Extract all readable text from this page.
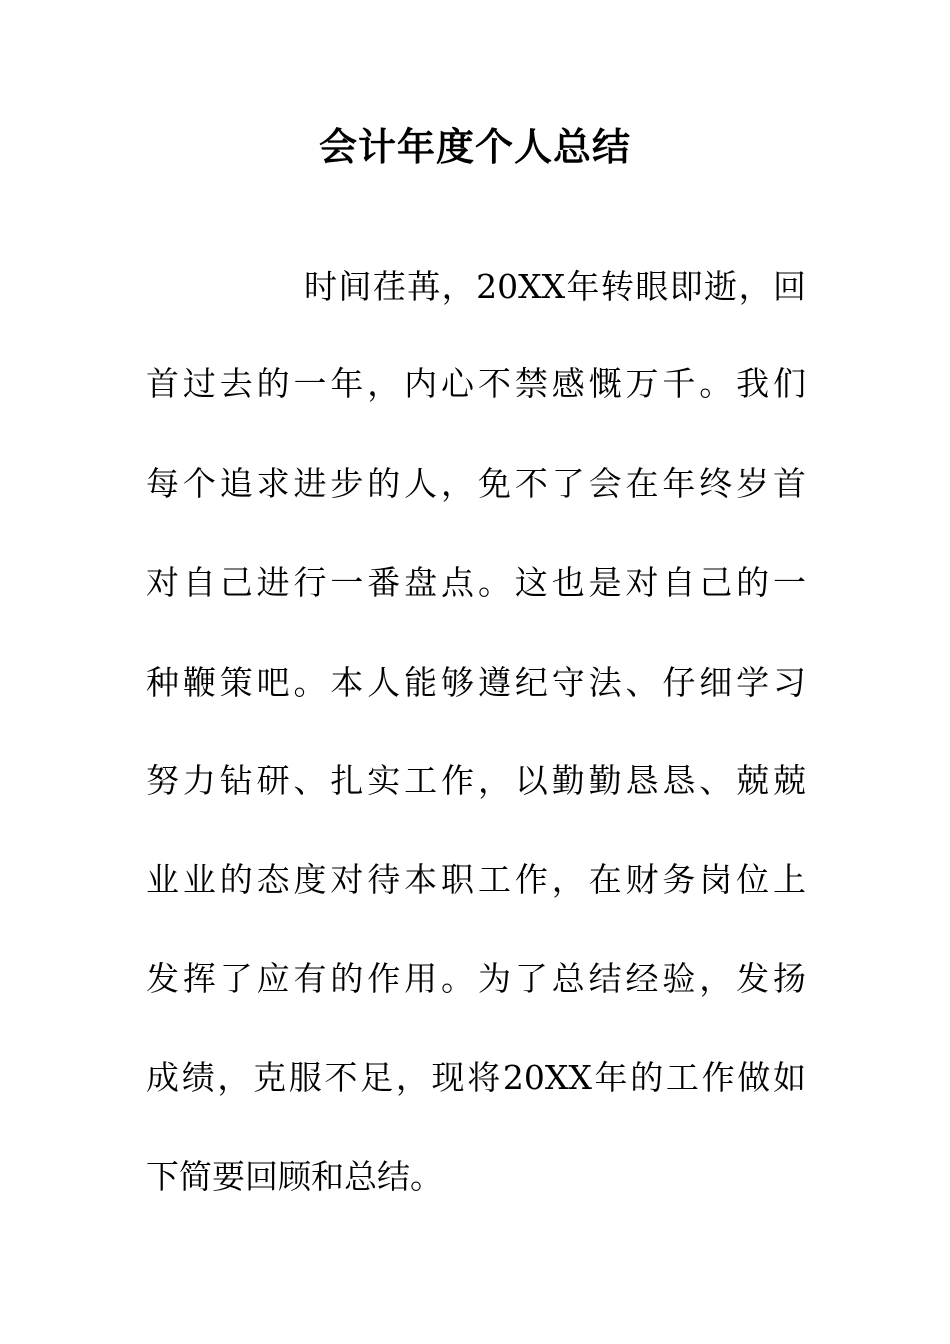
会计年度个人总结

时间荏苒，20XX年转眼即逝，回

首过去的一年，内心不禁感慨万千。我们

每个追求进步的人，免不了会在年终岁首

对自己进行一番盘点。这也是对自己的一

种鞭策吧。本人能够遵纪守法、仔细学习

努力钻研、扎实工作，以勤勤恳恳、兢兢

业业的态度对待本职工作，在财务岗位上

发挥了应有的作用。为了总结经验，发扬

成绩，克服不足，现将20XX年的工作做如

下简要回顾和总结。
